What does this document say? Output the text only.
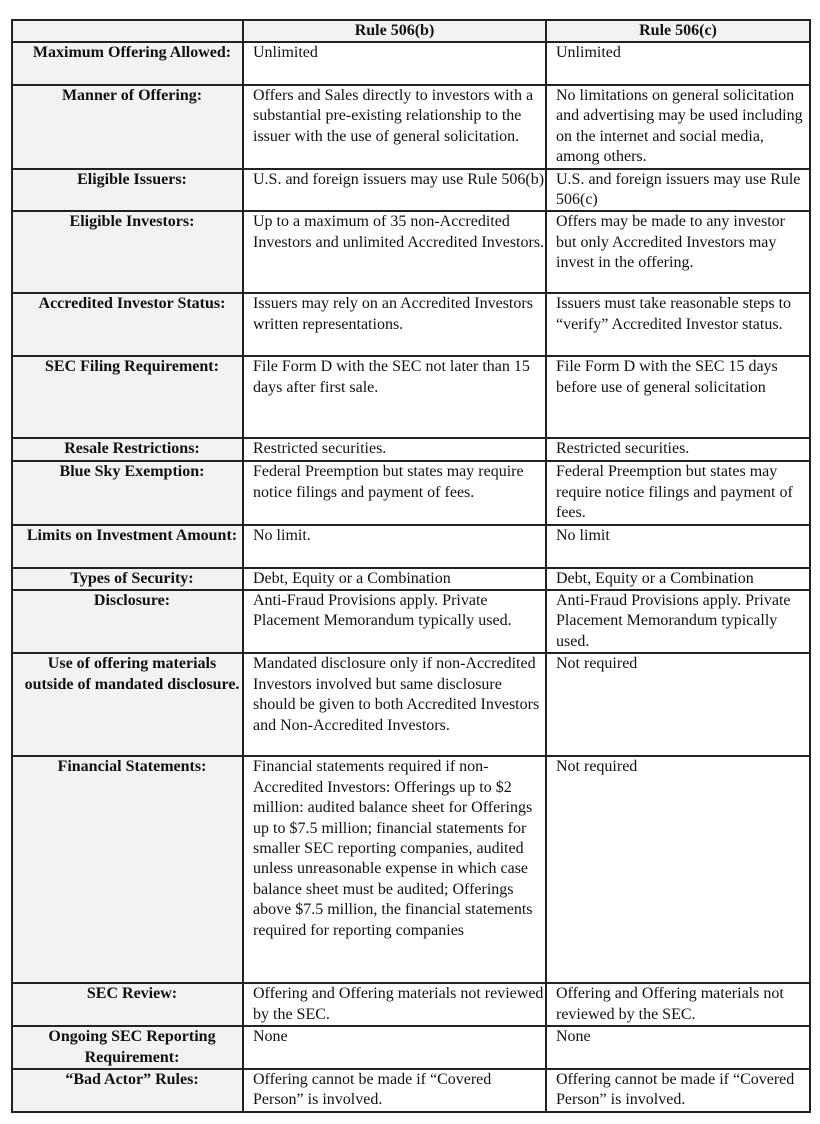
	Rule 506(b)	Rule 506(c)
Maximum Offering Allowed:	Unlimited	Unlimited
Manner of Offering:	Offers and Sales directly to investors with a substantial pre-existing relationship to the issuer with the use of general solicitation.	No limitations on general solicitation and advertising may be used including on the internet and social media, among others.
Eligible Issuers:	U.S. and foreign issuers may use Rule 506(b)	U.S. and foreign issuers may use Rule 506(c)
Eligible Investors:	Up to a maximum of 35 non-Accredited Investors and unlimited Accredited Investors.	Offers may be made to any investor but only Accredited Investors may invest in the offering.
Accredited Investor Status:	Issuers may rely on an Accredited Investors written representations.	Issuers must take reasonable steps to “verify” Accredited Investor status.
SEC Filing Requirement:	File Form D with the SEC not later than 15 days after first sale.	File Form D with the SEC 15 days before use of general solicitation
Resale Restrictions:	Restricted securities.	Restricted securities.
Blue Sky Exemption:	Federal Preemption but states may require notice filings and payment of fees.	Federal Preemption but states may require notice filings and payment of fees.
Limits on Investment Amount:	No limit.	No limit
Types of Security:	Debt, Equity or a Combination	Debt, Equity or a Combination
Disclosure:	Anti-Fraud Provisions apply. Private Placement Memorandum typically used.	Anti-Fraud Provisions apply. Private Placement Memorandum typically used.
Use of offering materials outside of mandated disclosure.	Mandated disclosure only if non-Accredited Investors involved but same disclosure should be given to both Accredited Investors and Non-Accredited Investors.	Not required
Financial Statements:	Financial statements required if non-Accredited Investors: Offerings up to $2 million: audited balance sheet for Offerings up to $7.5 million; financial statements for smaller SEC reporting companies, audited unless unreasonable expense in which case balance sheet must be audited; Offerings above $7.5 million, the financial statements required for reporting companies	Not required
SEC Review:	Offering and Offering materials not reviewed by the SEC.	Offering and Offering materials not reviewed by the SEC.
Ongoing SEC Reporting Requirement:	None	None
“Bad Actor” Rules:	Offering cannot be made if “Covered Person” is involved.	Offering cannot be made if “Covered Person” is involved.
